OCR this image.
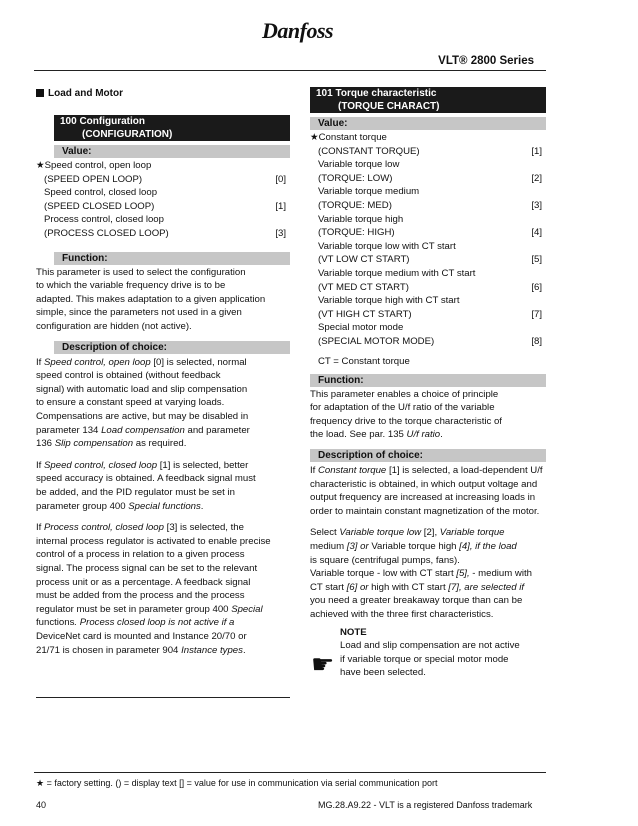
Danfoss
VLT® 2800 Series
Load and Motor
100 Configuration
(CONFIGURATION)
Value:
★Speed control, open loop
(SPEED OPEN LOOP)	[0]
Speed control, closed loop
(SPEED CLOSED LOOP)	[1]
Process control, closed loop
(PROCESS CLOSED LOOP)	[3]
Function:
This parameter is used to select the configuration
to which the variable frequency drive is to be
adapted. This makes adaptation to a given application
simple, since the parameters not used in a given
configuration are hidden (not active).
Description of choice:
If Speed control, open loop [0] is selected, normal
speed control is obtained (without feedback
signal) with automatic load and slip compensation
to ensure a constant speed at varying loads.
Compensations are active, but may be disabled in
parameter 134 Load compensation and parameter
136 Slip compensation as required.
If Speed control, closed loop [1] is selected, better
speed accuracy is obtained. A feedback signal must
be added, and the PID regulator must be set in
parameter group 400 Special functions.
If Process control, closed loop [3] is selected, the
internal process regulator is activated to enable precise
control of a process in relation to a given process
signal. The process signal can be set to the relevant
process unit or as a percentage. A feedback signal
must be added from the process and the process
regulator must be set in parameter group 400 Special
functions. Process closed loop is not active if a
DeviceNet card is mounted and Instance 20/70 or
21/71 is chosen in parameter 904 Instance types.
101 Torque characteristic
(TORQUE CHARACT)
Value:
★Constant torque
(CONSTANT TORQUE)	[1]
Variable torque low
(TORQUE: LOW)	[2]
Variable torque medium
(TORQUE: MED)	[3]
Variable torque high
(TORQUE: HIGH)	[4]
Variable torque low with CT start
(VT LOW CT START)	[5]
Variable torque medium with CT start
(VT MED CT START)	[6]
Variable torque high with CT start
(VT HIGH CT START)	[7]
Special motor mode
(SPECIAL MOTOR MODE)	[8]
CT = Constant torque
Function:
This parameter enables a choice of principle
for adaptation of the U/f ratio of the variable
frequency drive to the torque characteristic of
the load. See par. 135 U/f ratio.
Description of choice:
If Constant torque [1] is selected, a load-dependent U/f
characteristic is obtained, in which output voltage and
output frequency are increased at increasing loads in
order to maintain constant magnetization of the motor.
Select Variable torque low [2], Variable torque
medium [3] or Variable torque high [4], if the load
is square (centrifugal pumps, fans).
Variable torque - low with CT start [5], - medium with
CT start [6] or high with CT start [7], are selected if
you need a greater breakaway torque than can be
achieved with the three first characteristics.
NOTE
Load and slip compensation are not active
if variable torque or special motor mode
have been selected.
☛
★ = factory setting. () = display text [] = value for use in communication via serial communication port
40	MG.28.A9.22 - VLT is a registered Danfoss trademark
